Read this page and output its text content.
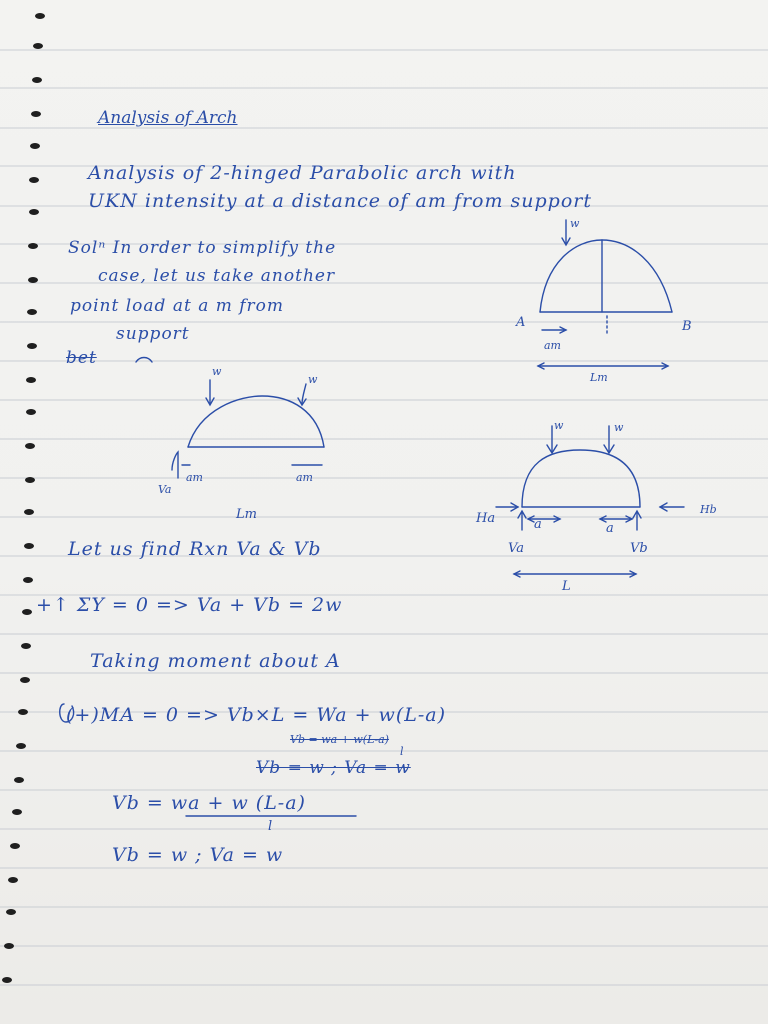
Analysis of Arch
Analysis of 2-hinged Parabolic arch with
UKN intensity at a distance of am from support
Solⁿ In order to simplify the
case, let us take another
point load at a m from
support
bet
w
A	B
am
Lm
w
w
am	am
Va
Lm
w	w
Ha
Hb
a	a
Va	Vb
L
Let us find Rxn Va & Vb
+↑ ΣY = 0 => Va + Vb = 2w
Taking moment about A
(+)MA = 0 => Vb×L = Wa + w(L-a)
Vb = wa + w(L-a)
l
Vb = w ; Va = w
Vb = wa + w (L-a)
l
Vb = w ; Va = w
